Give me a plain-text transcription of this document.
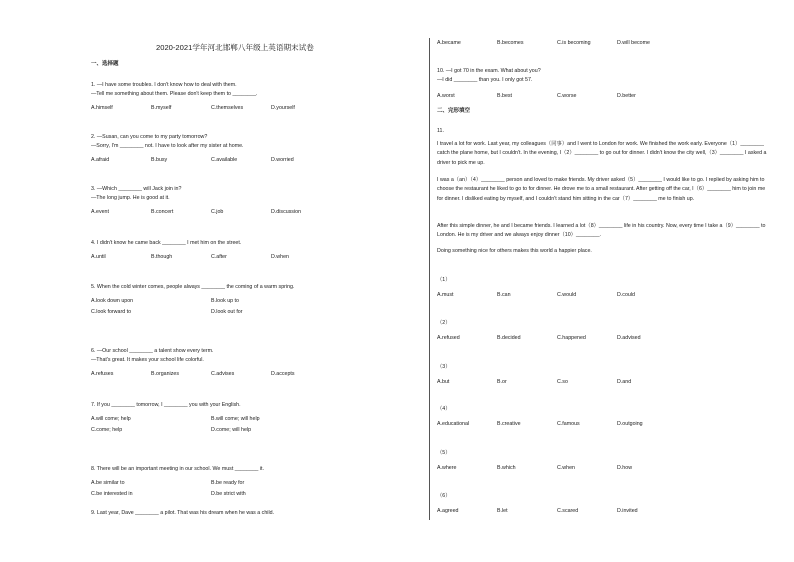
2020-2021学年河北邯郸八年级上英语期末试卷
一、选择题
1. —I have some troubles. I don't know how to deal with them.
—Tell me something about them. Please don't keep them to ________.
A.himself	B.myself	C.themselves	D.yourself
2. —Susan, can you come to my party tomorrow?
—Sorry, I'm ________ not. I have to look after my sister at home.
A.afraid	B.busy	C.available	D.worried
3. —Which ________ will Jack join in?
—The long jump. He is good at it.
A.event	B.concert	C.job	D.discussion
4. I didn't know he came back ________ I met him on the street.
A.until	B.though	C.after	D.when
5. When the cold winter comes, people always ________ the coming of a warm spring.
A.look down upon	B.look up to
C.look forward to	D.look out for
6. —Our school ________ a talent show every term.
—That's great. It makes your school life colorful.
A.refuses	B.organizes	C.advises	D.accepts
7. If you ________ tomorrow, I ________ you with your English.
A.will come; help	B.will come; will help
C.come; help	D.come; will help
8. There will be an important meeting in our school. We must ________ it.
A.be similar to	B.be ready for
C.be interested in	D.be strict with
9. Last year, Dave ________ a pilot. That was his dream when he was a child.
A.became	B.becomes	C.is becoming	D.will become
10. —I got 70 in the exam. What about you?
—I did ________ than you. I only got 57.
A.worst	B.best	C.worse	D.better
二、完形填空
11.
I travel a lot for work. Last year, my colleagues（同事）and I went to London for work. We finished the work early. Everyone（1）________ catch the plane home, but I couldn't. In the evening, I（2）________ to go out for dinner. I didn't know the city well,（3）________ I asked a driver to pick me up.
I was a（an）（4）________ person and loved to make friends. My driver asked（5）________ I would like to go. I replied by asking him to choose the restaurant he liked to go to for dinner. He drove me to a small restaurant. After getting off the car, I（6）________ him to join me for dinner. I disliked eating by myself, and I couldn't stand him sitting in the car（7）________ me to finish up.
After this simple dinner, he and I became friends. I learned a lot（8）________ life in his country. Now, every time I take a（9）________ to London. He is my driver and we always enjoy dinner（10）________.
Doing something nice for others makes this world a happier place.
（1）
A.must	B.can	C.would	D.could
（2）
A.refused	B.decided	C.happened	D.advised
（3）
A.but	B.or	C.so	D.and
（4）
A.educational	B.creative	C.famous	D.outgoing
（5）
A.where	B.which	C.when	D.how
（6）
A.agreed	B.let	C.scared	D.invited
